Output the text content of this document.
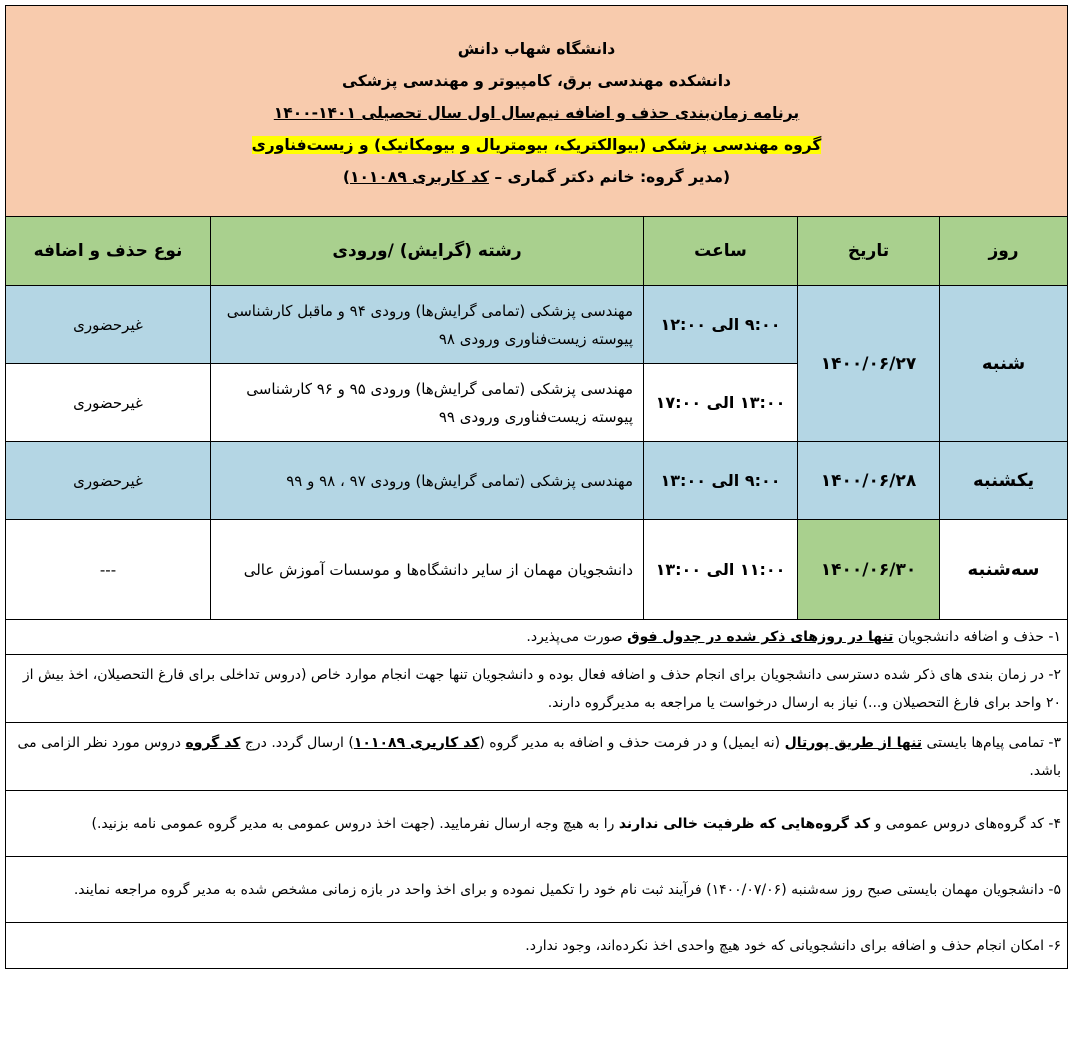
دانشگاه شهاب دانش
دانشکده مهندسی برق، کامپیوتر و مهندسی پزشکی
برنامه زمان‌بندی حذف و اضافه نیم‌سال اول سال تحصیلی ۱۴۰۱-۱۴۰۰
گروه مهندسی پزشکی (بیوالکتریک، بیومتریال و بیومکانیک) و زیست‌فناوری
(مدیر گروه: خانم دکتر گماری – کد کاربری ۱۰۱۰۸۹)				

روز	تاریخ	ساعت	رشته (گرایش) /ورودی	نوع حذف و اضافه
شنبه	۱۴۰۰/۰۶/۲۷	۹:۰۰ الی ۱۲:۰۰	مهندسی پزشکی (تمامی گرایش‌ها) ورودی ۹۴ و ماقبل کارشناسی پیوسته زیست‌فناوری ورودی ۹۸	غیرحضوری
		۱۳:۰۰ الی ۱۷:۰۰	مهندسی پزشکی (تمامی گرایش‌ها) ورودی ۹۵ و ۹۶ کارشناسی پیوسته زیست‌فناوری ورودی ۹۹	غیرحضوری
یکشنبه	۱۴۰۰/۰۶/۲۸	۹:۰۰ الی ۱۳:۰۰	مهندسی پزشکی (تمامی گرایش‌ها) ورودی ۹۷ ، ۹۸ و ۹۹	غیرحضوری
سه‌شنبه	۱۴۰۰/۰۶/۳۰	۱۱:۰۰ الی ۱۳:۰۰	دانشجویان مهمان از سایر دانشگاه‌ها و موسسات آموزش عالی	---
۱- حذف و اضافه دانشجویان تنها در روزهای ذکر شده در جدول فوق صورت می‌پذیرد.				
۲- در زمان بندی های ذکر شده دسترسی دانشجویان برای انجام حذف و اضافه فعال بوده و دانشجویان تنها جهت انجام موارد خاص (دروس تداخلی برای فارغ التحصیلان، اخذ بیش از ۲۰ واحد برای فارغ التحصیلان و...) نیاز به ارسال درخواست یا مراجعه به مدیرگروه دارند.				
۳- تمامی پیام‌ها بایستی تنها از طریق پورتال (نه ایمیل) و در فرمت حذف و اضافه به مدیر گروه (کد کاربری ۱۰۱۰۸۹) ارسال گردد. درج کد گروه دروس مورد نظر الزامی می باشد.				
۴- کد گروه‌های دروس عمومی و کد گروه‌هایی که ظرفیت خالی ندارند را به هیچ وجه ارسال نفرمایید. (جهت اخذ دروس عمومی به مدیر گروه عمومی نامه بزنید.)				
۵- دانشجویان مهمان بایستی صبح روز سه‌شنبه (۱۴۰۰/۰۷/۰۶) فرآیند ثبت نام خود را تکمیل نموده و برای اخذ واحد در بازه زمانی مشخص شده به مدیر گروه مراجعه نمایند.				
۶- امکان انجام حذف و اضافه برای دانشجویانی که خود هیچ واحدی اخذ نکرده‌اند، وجود ندارد.				
